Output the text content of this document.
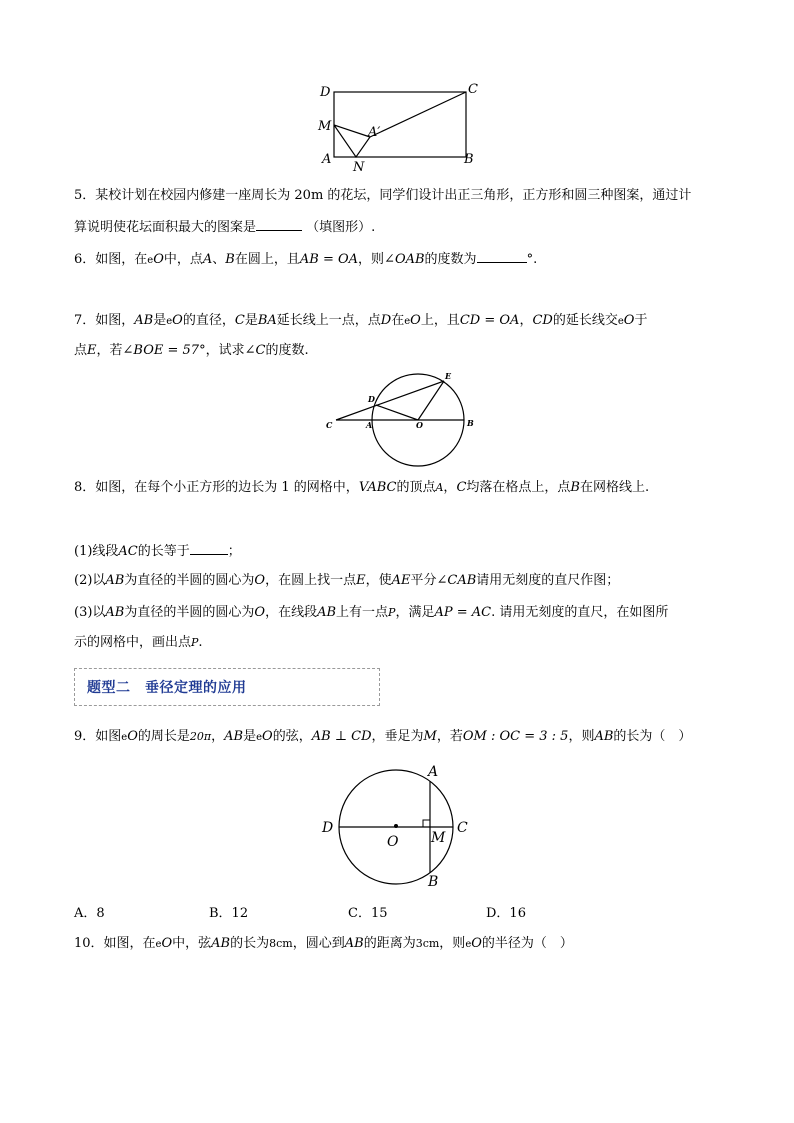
D	C
M	A′
A
N
B
5．某校计划在校园内修建一座周长为 20m 的花坛，同学们设计出正三角形，正方形和圆三种图案，通过计
算说明使花坛面积最大的图案是	（填图形）.
6．如图，在eO中，点A、B在圆上，且AB = OA，则∠OAB的度数为	°.
7．如图，AB是eO的直径，C是BA延长线上一点，点D在eO上，且CD = OA，CD的延长线交eO于
点E，若∠BOE = 57°，试求∠C的度数.
E
D
C	A	O	B
8．如图，在每个小正方形的边长为 1 的网格中，VABC的顶点A，C均落在格点上，点B在网格线上.
(1)线段AC的长等于	；
(2)以AB为直径的半圆的圆心为O，在圆上找一点E，使AE平分∠CAB请用无刻度的直尺作图；
(3)以AB为直径的半圆的圆心为O，在线段AB上有一点P，满足AP = AC. 请用无刻度的直尺，在如图所
示的网格中，画出点P.
题型二　垂径定理的应用
9．如图eO的周长是20π，AB是eO的弦，AB ⊥ CD，垂足为M，若OM : OC = 3 : 5，则AB的长为（　）
A
D
O M
C
B
A．8	B．12	C．15	D．16
10．如图，在eO中，弦AB的长为8cm，圆心到AB的距离为3cm，则eO的半径为（　）
